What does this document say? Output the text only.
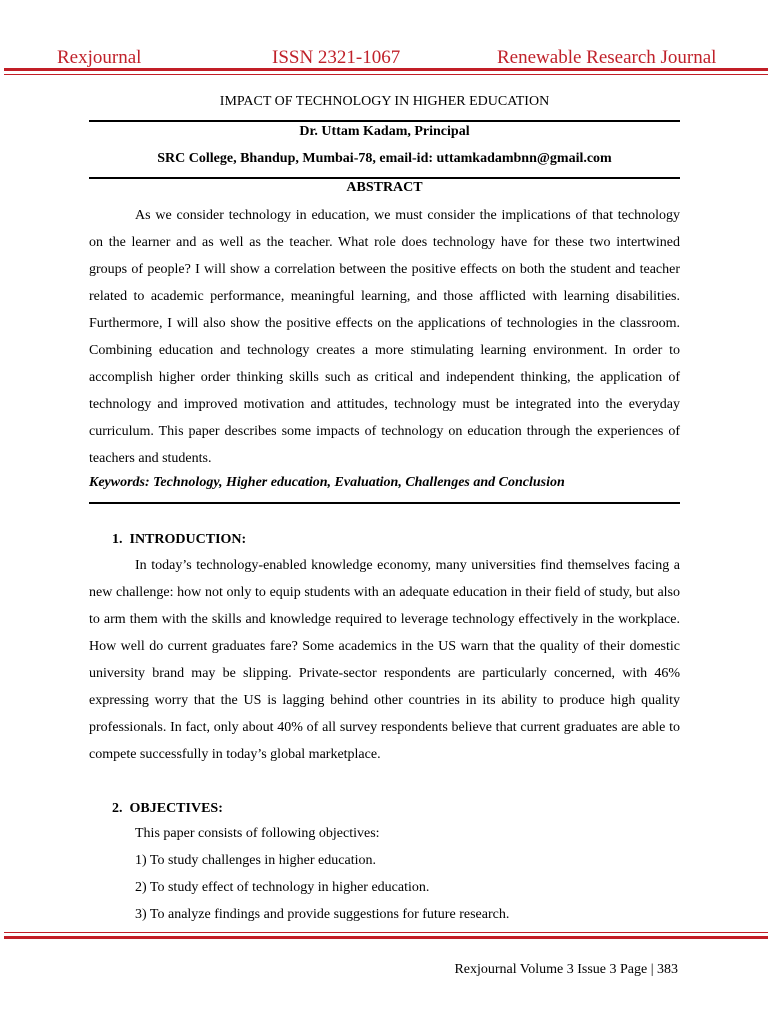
Rexjournal	ISSN 2321-1067	Renewable Research Journal
IMPACT OF TECHNOLOGY IN HIGHER EDUCATION
Dr. Uttam Kadam, Principal
SRC College, Bhandup, Mumbai-78, email-id: uttamkadambnn@gmail.com
ABSTRACT

As we consider technology in education, we must consider the implications of that technology on the learner and as well as the teacher. What role does technology have for these two intertwined groups of people? I will show a correlation between the positive effects on both the student and teacher related to academic performance, meaningful learning, and those afflicted with learning disabilities. Furthermore, I will also show the positive effects on the applications of technologies in the classroom. Combining education and technology creates a more stimulating learning environment. In order to accomplish higher order thinking skills such as critical and independent thinking, the application of technology and improved motivation and attitudes, technology must be integrated into the everyday curriculum. This paper describes some impacts of technology on education through the experiences of teachers and students.

Keywords: Technology, Higher education, Evaluation, Challenges and Conclusion
1.  INTRODUCTION:

In today’s technology-enabled knowledge economy, many universities find themselves facing a new challenge: how not only to equip students with an adequate education in their field of study, but also to arm them with the skills and knowledge required to leverage technology effectively in the workplace. How well do current graduates fare? Some academics in the US warn that the quality of their domestic university brand may be slipping. Private-sector respondents are particularly concerned, with 46% expressing worry that the US is lagging behind other countries in its ability to produce high quality professionals. In fact, only about 40% of all survey respondents believe that current graduates are able to compete successfully in today’s global marketplace.

2.  OBJECTIVES:
This paper consists of following objectives:
1) To study challenges in higher education.
2) To study effect of technology in higher education.
3) To analyze findings and provide suggestions for future research.
Rexjournal Volume 3 Issue 3 Page | 383
